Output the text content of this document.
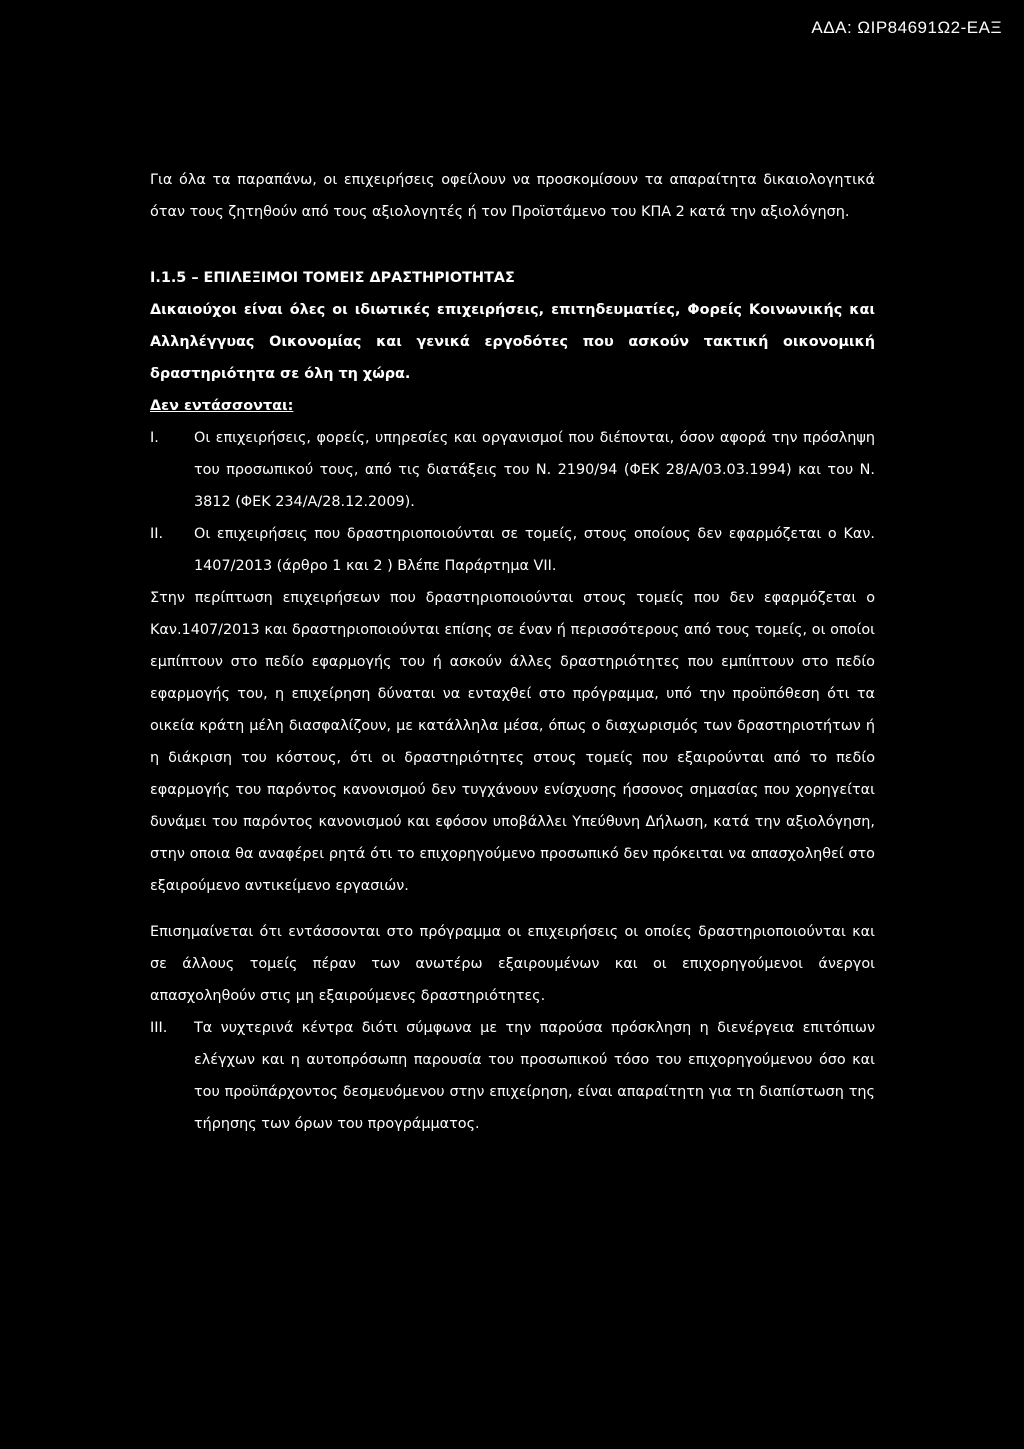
ΑΔΑ: ΩΙΡ84691Ω2-ΕΑΞ

Για όλα τα παραπάνω, οι επιχειρήσεις οφείλουν να προσκομίσουν τα απαραίτητα δικαιολογητικά όταν τους ζητηθούν από τους αξιολογητές ή τον Προϊστάμενο του ΚΠΑ 2 κατά την αξιολόγηση.

I.1.5 – ΕΠΙΛΕΞΙΜΟΙ ΤΟΜΕΙΣ ΔΡΑΣΤΗΡΙΟΤΗΤΑΣ

Δικαιούχοι είναι όλες οι ιδιωτικές επιχειρήσεις, επιτηδευματίες, Φορείς Κοινωνικής και Αλληλέγγυας Οικονομίας και γενικά εργοδότες που ασκούν τακτική οικονομική δραστηριότητα σε όλη τη χώρα.

Δεν εντάσσονται:

I.	Οι επιχειρήσεις, φορείς, υπηρεσίες και οργανισμοί που διέπονται, όσον αφορά την πρόσληψη του προσωπικού τους, από τις διατάξεις του Ν. 2190/94 (ΦΕΚ 28/Α/03.03.1994) και του Ν. 3812 (ΦΕΚ 234/Α/28.12.2009).
II.	Οι επιχειρήσεις που δραστηριοποιούνται σε τομείς, στους οποίους δεν εφαρμόζεται ο Καν. 1407/2013 (άρθρο 1 και 2 ) Βλέπε Παράρτημα VII.

Στην περίπτωση επιχειρήσεων που δραστηριοποιούνται στους τομείς που δεν εφαρμόζεται ο Καν.1407/2013 και δραστηριοποιούνται επίσης σε έναν ή περισσότερους από τους τομείς, οι οποίοι εμπίπτουν στο πεδίο εφαρμογής του ή ασκούν άλλες δραστηριότητες που εμπίπτουν στο πεδίο εφαρμογής του, η επιχείρηση δύναται να ενταχθεί στο πρόγραμμα, υπό την προϋπόθεση ότι τα οικεία κράτη μέλη διασφαλίζουν, με κατάλληλα μέσα, όπως ο διαχωρισμός των δραστηριοτήτων ή η διάκριση του κόστους, ότι οι δραστηριότητες στους τομείς που εξαιρούνται από το πεδίο εφαρμογής του παρόντος κανονισμού δεν τυγχάνουν ενίσχυσης ήσσονος σημασίας που χορηγείται δυνάμει του παρόντος κανονισμού και εφόσον υποβάλλει Υπεύθυνη Δήλωση, κατά την αξιολόγηση, στην οποια θα αναφέρει ρητά ότι το επιχορηγούμενο προσωπικό δεν πρόκειται να απασχοληθεί στο εξαιρούμενο αντικείμενο εργασιών.

Επισημαίνεται ότι εντάσσονται στο πρόγραμμα οι επιχειρήσεις οι οποίες δραστηριοποιούνται και σε άλλους τομείς πέραν των ανωτέρω εξαιρουμένων και οι επιχορηγούμενοι άνεργοι απασχοληθούν στις μη εξαιρούμενες δραστηριότητες.

III.	Τα νυχτερινά κέντρα διότι σύμφωνα με την παρούσα πρόσκληση η διενέργεια επιτόπιων ελέγχων και η αυτοπρόσωπη παρουσία του προσωπικού τόσο του επιχορηγούμενου όσο και του προϋπάρχοντος δεσμευόμενου στην επιχείρηση, είναι απαραίτητη για τη διαπίστωση της τήρησης των όρων του προγράμματος.
